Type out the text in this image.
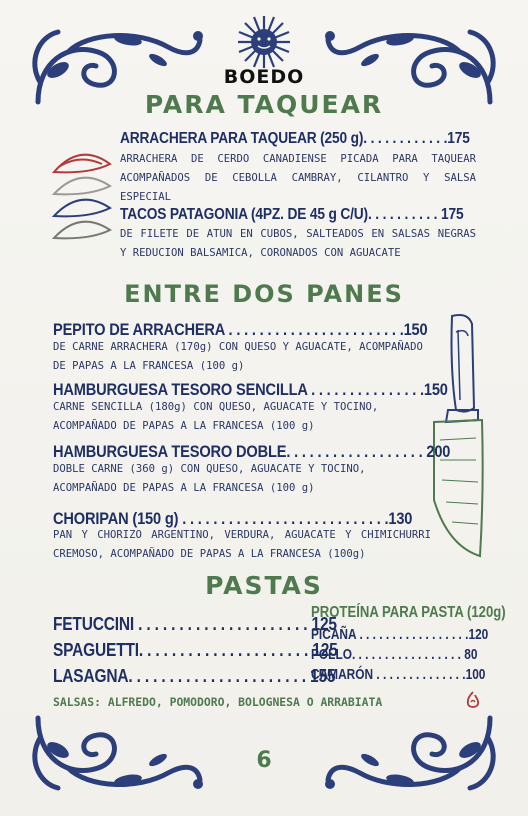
BOEDO
PARA TAQUEAR
ARRACHERA PARA TAQUEAR (250 g). . . . . . . . . . . .175
ARRACHERA DE CERDO CANADIENSE PICADA PARA TAQUEAR ACOMPAÑADOS DE CEBOLLA CAMBRAY, CILANTRO Y SALSA ESPECIAL
TACOS PATAGONIA (4PZ. DE 45 g C/U). . . . . . . . . . 175
DE FILETE DE ATUN EN CUBOS, SALTEADOS EN SALSAS NEGRAS Y REDUCION BALSAMICA, CORONADOS CON AGUACATE
ENTRE DOS PANES
PEPITO DE ARRACHERA . . . . . . . . . . . . . . . . . . . . . . .150
DE CARNE ARRACHERA (170g) CON QUESO Y AGUACATE, ACOMPAÑADO DE PAPAS A LA FRANCESA (100 g)
HAMBURGUESA TESORO SENCILLA . . . . . . . . . . . . . . .150
CARNE SENCILLA (180g) CON QUESO, AGUACATE Y TOCINO, ACOMPAÑADO DE PAPAS A LA FRANCESA (100 g)
HAMBURGUESA TESORO DOBLE. . . . . . . . . . . . . . . . . . 200
DOBLE CARNE (360 g) CON QUESO, AGUACATE Y TOCINO, ACOMPAÑADO DE PAPAS A LA FRANCESA (100 g)
CHORIPAN (150 g) . . . . . . . . . . . . . . . . . . . . . . . . . . .130
PAN Y CHORIZO ARGENTINO, VERDURA, AGUACATE Y CHIMICHURRI CREMOSO, ACOMPAÑADO DE PAPAS A LA FRANCESA (100g)
PASTAS
FETUCCINI . . . . . . . . . . . . . . . . . . . . . 125
SPAGUETTI. . . . . . . . . . . . . . . . . . . . . 125
LASAGNA. . . . . . . . . . . . . . . . . . . . . . 155
PROTEÍNA PARA PASTA (120g)
PICAÑA . . . . . . . . . . . . . . . . .120
POLLO. . . . . . . . . . . . . . . . . 80
CAMARÓN . . . . . . . . . . . . . .100
SALSAS: ALFREDO, POMODORO, BOLOGNESA O ARRABIATA
6
